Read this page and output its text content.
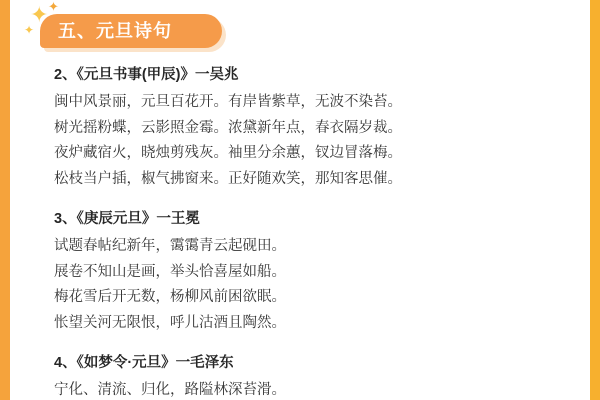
五、元旦诗句
✦ ✦
✦
2、《元旦书事(甲辰)》一吴兆
闽中风景丽，元旦百花开。有岸皆紫草，无波不染苔。
树光摇粉蝶，云影照金霉。浓黛新年点，春衣隔岁裁。
夜炉藏宿火，晓烛剪残灰。袖里分余蕙，钗边冒落梅。
松枝当户插，椒气拂窗来。正好随欢笑，那知客思催。
3、《庚辰元旦》一王冕
试题春帖纪新年，霭霭青云起砚田。
展卷不知山是画，举头恰喜屋如船。
梅花雪后开无数，杨柳风前困欲眠。
怅望关河无限恨，呼儿沽酒且陶然。
4、《如梦令·元旦》一毛泽东
宁化、清流、归化，路隘林深苔滑。
